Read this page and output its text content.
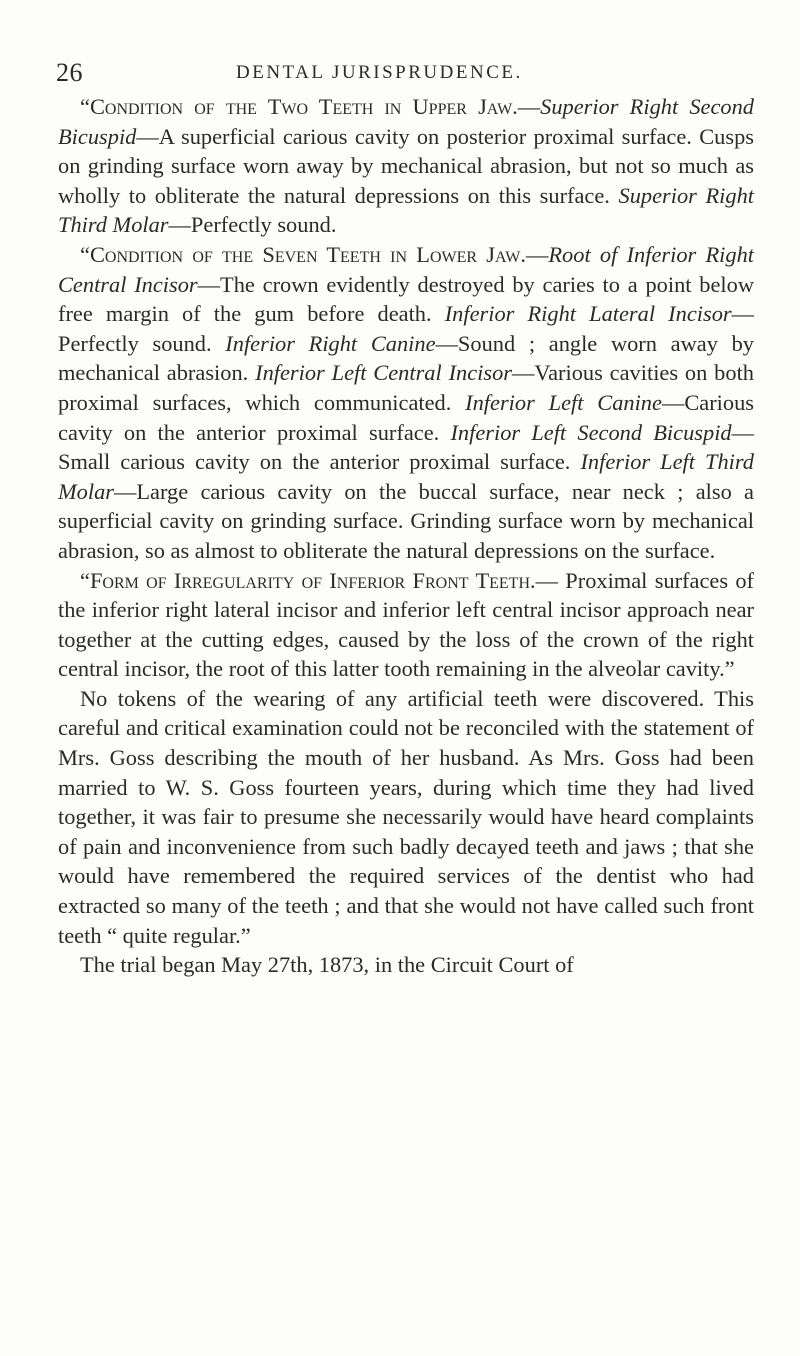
26	DENTAL JURISPRUDENCE.

“Condition of the Two Teeth in Upper Jaw.—Superior Right Second Bicuspid—A superficial carious cavity on posterior proximal surface. Cusps on grinding surface worn away by mechanical abrasion, but not so much as wholly to obliterate the natural depressions on this surface. Superior Right Third Molar—Perfectly sound.

“Condition of the Seven Teeth in Lower Jaw.—Root of Inferior Right Central Incisor—The crown evidently destroyed by caries to a point below free margin of the gum before death. Inferior Right Lateral Incisor—Perfectly sound. Inferior Right Canine—Sound ; angle worn away by mechanical abrasion. Inferior Left Central Incisor—Various cavities on both proximal surfaces, which communicated. Inferior Left Canine—Carious cavity on the anterior proximal surface. Inferior Left Second Bicuspid—Small carious cavity on the anterior proximal surface. Inferior Left Third Molar—Large carious cavity on the buccal surface, near neck ; also a superficial cavity on grinding surface. Grinding surface worn by mechanical abrasion, so as almost to obliterate the natural depressions on the surface.

“Form of Irregularity of Inferior Front Teeth.— Proximal surfaces of the inferior right lateral incisor and inferior left central incisor approach near together at the cutting edges, caused by the loss of the crown of the right central incisor, the root of this latter tooth remaining in the alveolar cavity.”

No tokens of the wearing of any artificial teeth were discovered. This careful and critical examination could not be reconciled with the statement of Mrs. Goss describing the mouth of her husband. As Mrs. Goss had been married to W. S. Goss fourteen years, during which time they had lived together, it was fair to presume she necessarily would have heard complaints of pain and inconvenience from such badly decayed teeth and jaws ; that she would have remembered the required services of the dentist who had extracted so many of the teeth ; and that she would not have called such front teeth “ quite regular.”

The trial began May 27th, 1873, in the Circuit Court of
